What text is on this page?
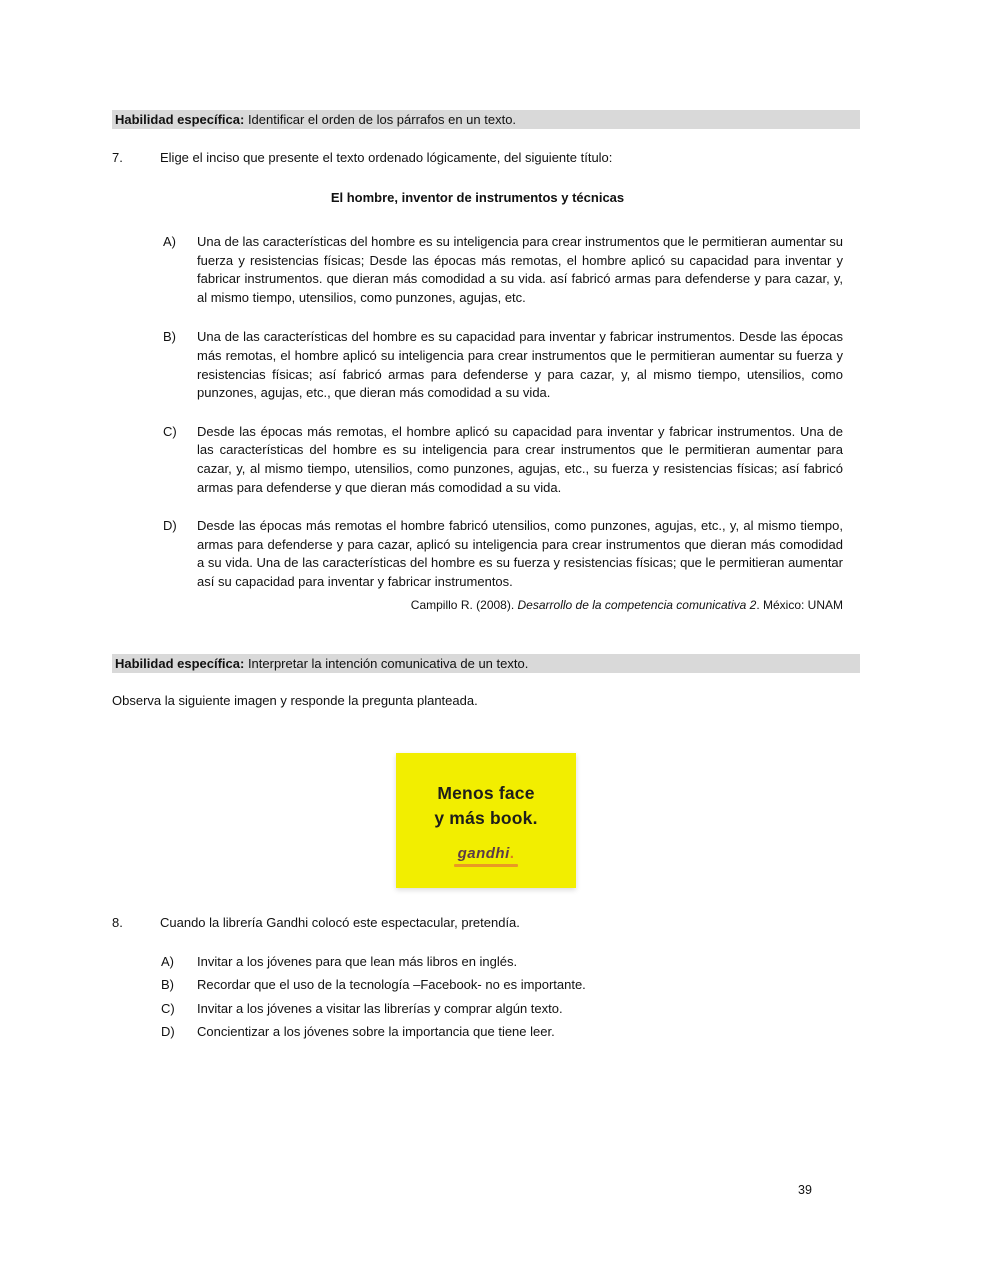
Habilidad específica: Identificar el orden de los párrafos en un texto.
7.	Elige el inciso que presente el texto ordenado lógicamente, del siguiente título:
El hombre, inventor de instrumentos y técnicas
A)	Una de las características del hombre es su inteligencia para crear instrumentos que le permitieran aumentar su fuerza y resistencias físicas; Desde las épocas más remotas, el hombre aplicó su capacidad para inventar y fabricar instrumentos. que dieran más comodidad a su vida. así fabricó armas para defenderse y para cazar, y, al mismo tiempo, utensilios, como punzones, agujas, etc.

B)	Una de las características del hombre es su capacidad para inventar y fabricar instrumentos. Desde las épocas más remotas, el hombre aplicó su inteligencia para crear instrumentos que le permitieran aumentar su fuerza y resistencias físicas; así fabricó armas para defenderse y para cazar, y, al mismo tiempo, utensilios, como punzones, agujas, etc., que dieran más comodidad a su vida.

C)	Desde las épocas más remotas, el hombre aplicó su capacidad para inventar y fabricar instrumentos. Una de las características del hombre es su inteligencia para crear instrumentos que le permitieran aumentar para cazar, y, al mismo tiempo, utensilios, como punzones, agujas, etc., su fuerza y resistencias físicas; así fabricó armas para defenderse y que dieran más comodidad a su vida.

D)	Desde las épocas más remotas el hombre fabricó utensilios, como punzones, agujas, etc., y, al mismo tiempo, armas para defenderse y para cazar, aplicó su inteligencia para crear instrumentos que dieran más comodidad a su vida. Una de las características del hombre es su fuerza y resistencias físicas; que le permitieran aumentar así su capacidad para inventar y fabricar instrumentos.

Campillo R. (2008). Desarrollo de la competencia comunicativa 2. México: UNAM
Habilidad específica: Interpretar la intención comunicativa de un texto.
Observa la siguiente imagen y responde la pregunta planteada.
Menos face
y más book.
gandhi.
8.	Cuando la librería Gandhi colocó este espectacular, pretendía.
A)	Invitar a los jóvenes para que lean más libros en inglés.

B)	Recordar que el uso de la tecnología –Facebook- no es importante.

C)	Invitar a los jóvenes a visitar las librerías y comprar algún texto.

D)	Concientizar a los jóvenes sobre la importancia que tiene leer.

39
